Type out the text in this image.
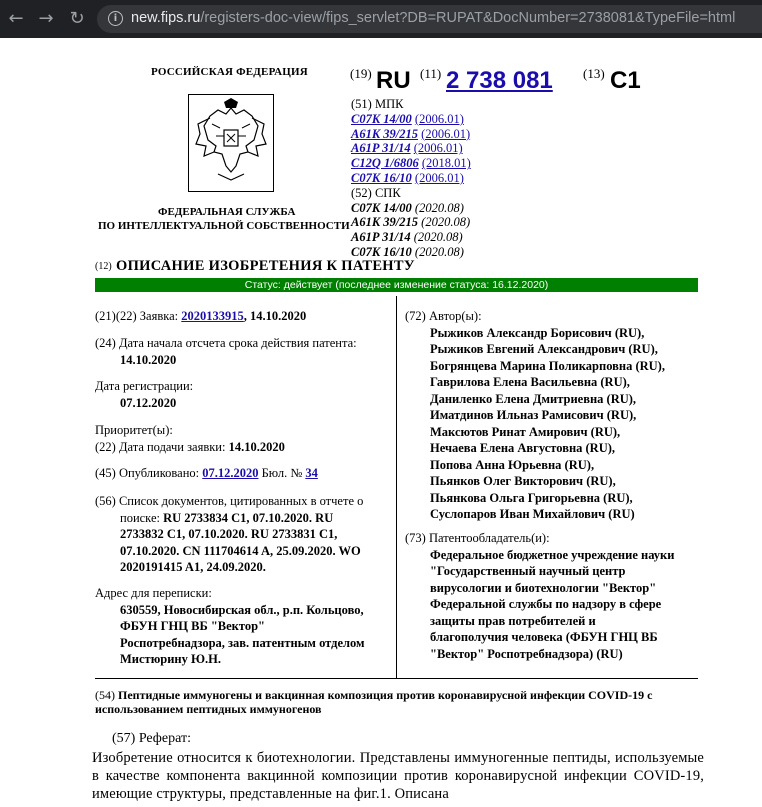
← → ↻	i new.fips.ru/registers-doc-view/fips_servlet?DB=RUPAT&DocNumber=2738081&TypeFile=html
РОССИЙСКАЯ ФЕДЕРАЦИЯ
ФЕДЕРАЛЬНАЯ СЛУЖБА
ПО ИНТЕЛЛЕКТУАЛЬНОЙ СОБСТВЕННОСТИ
(19) RU (11) 2 738 081 (13) C1
(51) МПК
C07K 14/00 (2006.01)
A61K 39/215 (2006.01)
A61P 31/14 (2006.01)
C12Q 1/6806 (2018.01)
C07K 16/10 (2006.01)
(52) СПК
C07K 14/00 (2020.08)
A61K 39/215 (2020.08)
A61P 31/14 (2020.08)
C07K 16/10 (2020.08)
(12) ОПИСАНИЕ ИЗОБРЕТЕНИЯ К ПАТЕНТУ
Статус: действует (последнее изменение статуса: 16.12.2020)
(21)(22) Заявка: 2020133915, 14.10.2020
(24) Дата начала отсчета срока действия патента:
14.10.2020
Дата регистрации:
07.12.2020
Приоритет(ы):
(22) Дата подачи заявки: 14.10.2020
(45) Опубликовано: 07.12.2020 Бюл. № 34
(56) Список документов, цитированных в отчете о
поиске: RU 2733834 C1, 07.10.2020. RU
2733832 C1, 07.10.2020. RU 2733831 C1,
07.10.2020. CN 111704614 A, 25.09.2020. WO
2020191415 A1, 24.09.2020.
Адрес для переписки:
630559, Новосибирская обл., р.п. Кольцово,
ФБУН ГНЦ ВБ "Вектор"
Роспотребнадзора, зав. патентным отделом
Мистюрину Ю.Н.
(72) Автор(ы):
Рыжиков Александр Борисович (RU),
Рыжиков Евгений Александрович (RU),
Богрянцева Марина Поликарповна (RU),
Гаврилова Елена Васильевна (RU),
Даниленко Елена Дмитриевна (RU),
Иматдинов Ильназ Рамисович (RU),
Максютов Ринат Амирович (RU),
Нечаева Елена Августовна (RU),
Попова Анна Юрьевна (RU),
Пьянков Олег Викторович (RU),
Пьянкова Ольга Григорьевна (RU),
Суслопаров Иван Михайлович (RU)
(73) Патентообладатель(и):
Федеральное бюджетное учреждение науки
"Государственный научный центр
вирусологии и биотехнологии "Вектор"
Федеральной службы по надзору в сфере
защиты прав потребителей и
благополучия человека (ФБУН ГНЦ ВБ
"Вектор" Роспотребнадзора) (RU)
(54) Пептидные иммуногены и вакцинная композиция против коронавирусной инфекции COVID-19 с использованием пептидных иммуногенов
(57) Реферат:
Изобретение относится к биотехнологии. Представлены иммуногенные пептиды, используемые в качестве компонента вакцинной композиции против коронавирусной инфекции COVID-19, имеющие структуры, представленные на фиг.1. Описана
